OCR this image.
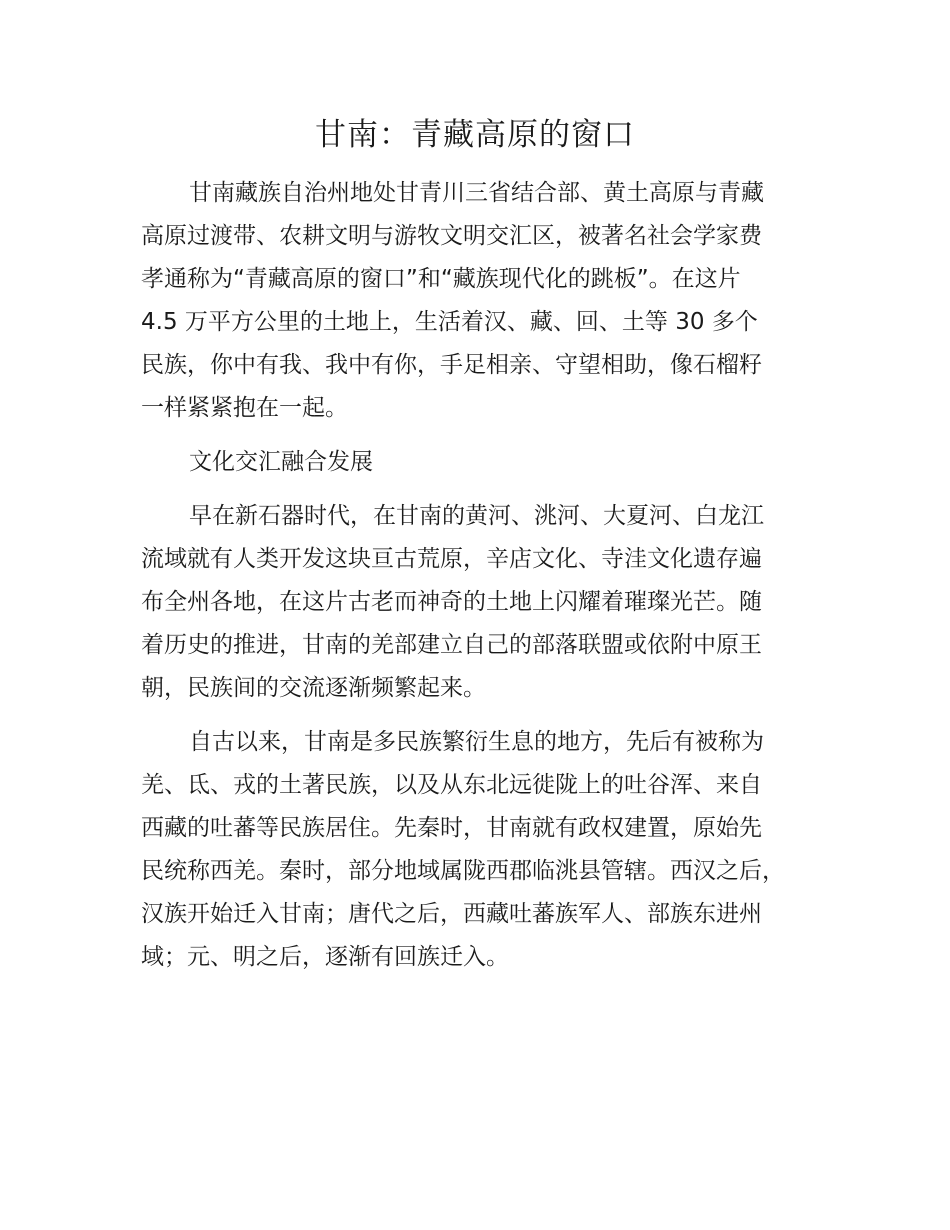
甘南：青藏高原的窗口
甘南藏族自治州地处甘青川三省结合部、黄土高原与青藏
高原过渡带、农耕文明与游牧文明交汇区，被著名社会学家费
孝通称为“青藏高原的窗口”和“藏族现代化的跳板”。在这片
4.5 万平方公里的土地上，生活着汉、藏、回、土等 30 多个
民族，你中有我、我中有你，手足相亲、守望相助，像石榴籽
一样紧紧抱在一起。
文化交汇融合发展
早在新石器时代，在甘南的黄河、洮河、大夏河、白龙江
流域就有人类开发这块亘古荒原，辛店文化、寺洼文化遗存遍
布全州各地，在这片古老而神奇的土地上闪耀着璀璨光芒。随
着历史的推进，甘南的羌部建立自己的部落联盟或依附中原王
朝，民族间的交流逐渐频繁起来。
自古以来，甘南是多民族繁衍生息的地方，先后有被称为
羌、氐、戎的土著民族，以及从东北远徙陇上的吐谷浑、来自
西藏的吐蕃等民族居住。先秦时，甘南就有政权建置，原始先
民统称西羌。秦时，部分地域属陇西郡临洮县管辖。西汉之后，
汉族开始迁入甘南；唐代之后，西藏吐蕃族军人、部族东进州
域；元、明之后，逐渐有回族迁入。
